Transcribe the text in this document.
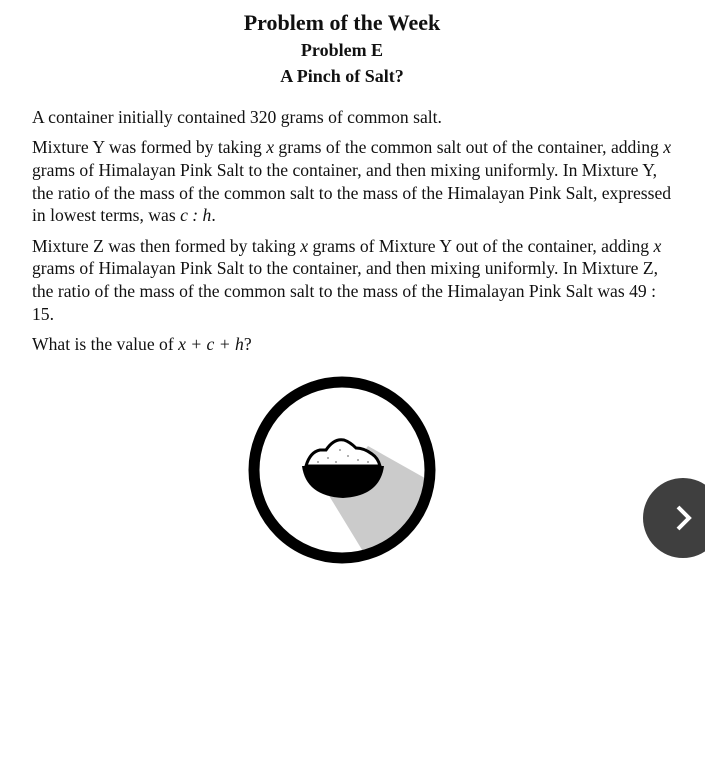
Problem of the Week
Problem E
A Pinch of Salt?

A container initially contained 320 grams of common salt.

Mixture Y was formed by taking x grams of the common salt out of the container, adding x grams of Himalayan Pink Salt to the container, and then mixing uniformly. In Mixture Y, the ratio of the mass of the common salt to the mass of the Himalayan Pink Salt, expressed in lowest terms, was c : h.

Mixture Z was then formed by taking x grams of Mixture Y out of the container, adding x grams of Himalayan Pink Salt to the container, and then mixing uniformly. In Mixture Z, the ratio of the mass of the common salt to the mass of the Himalayan Pink Salt was 49 : 15.

What is the value of x + c + h?
